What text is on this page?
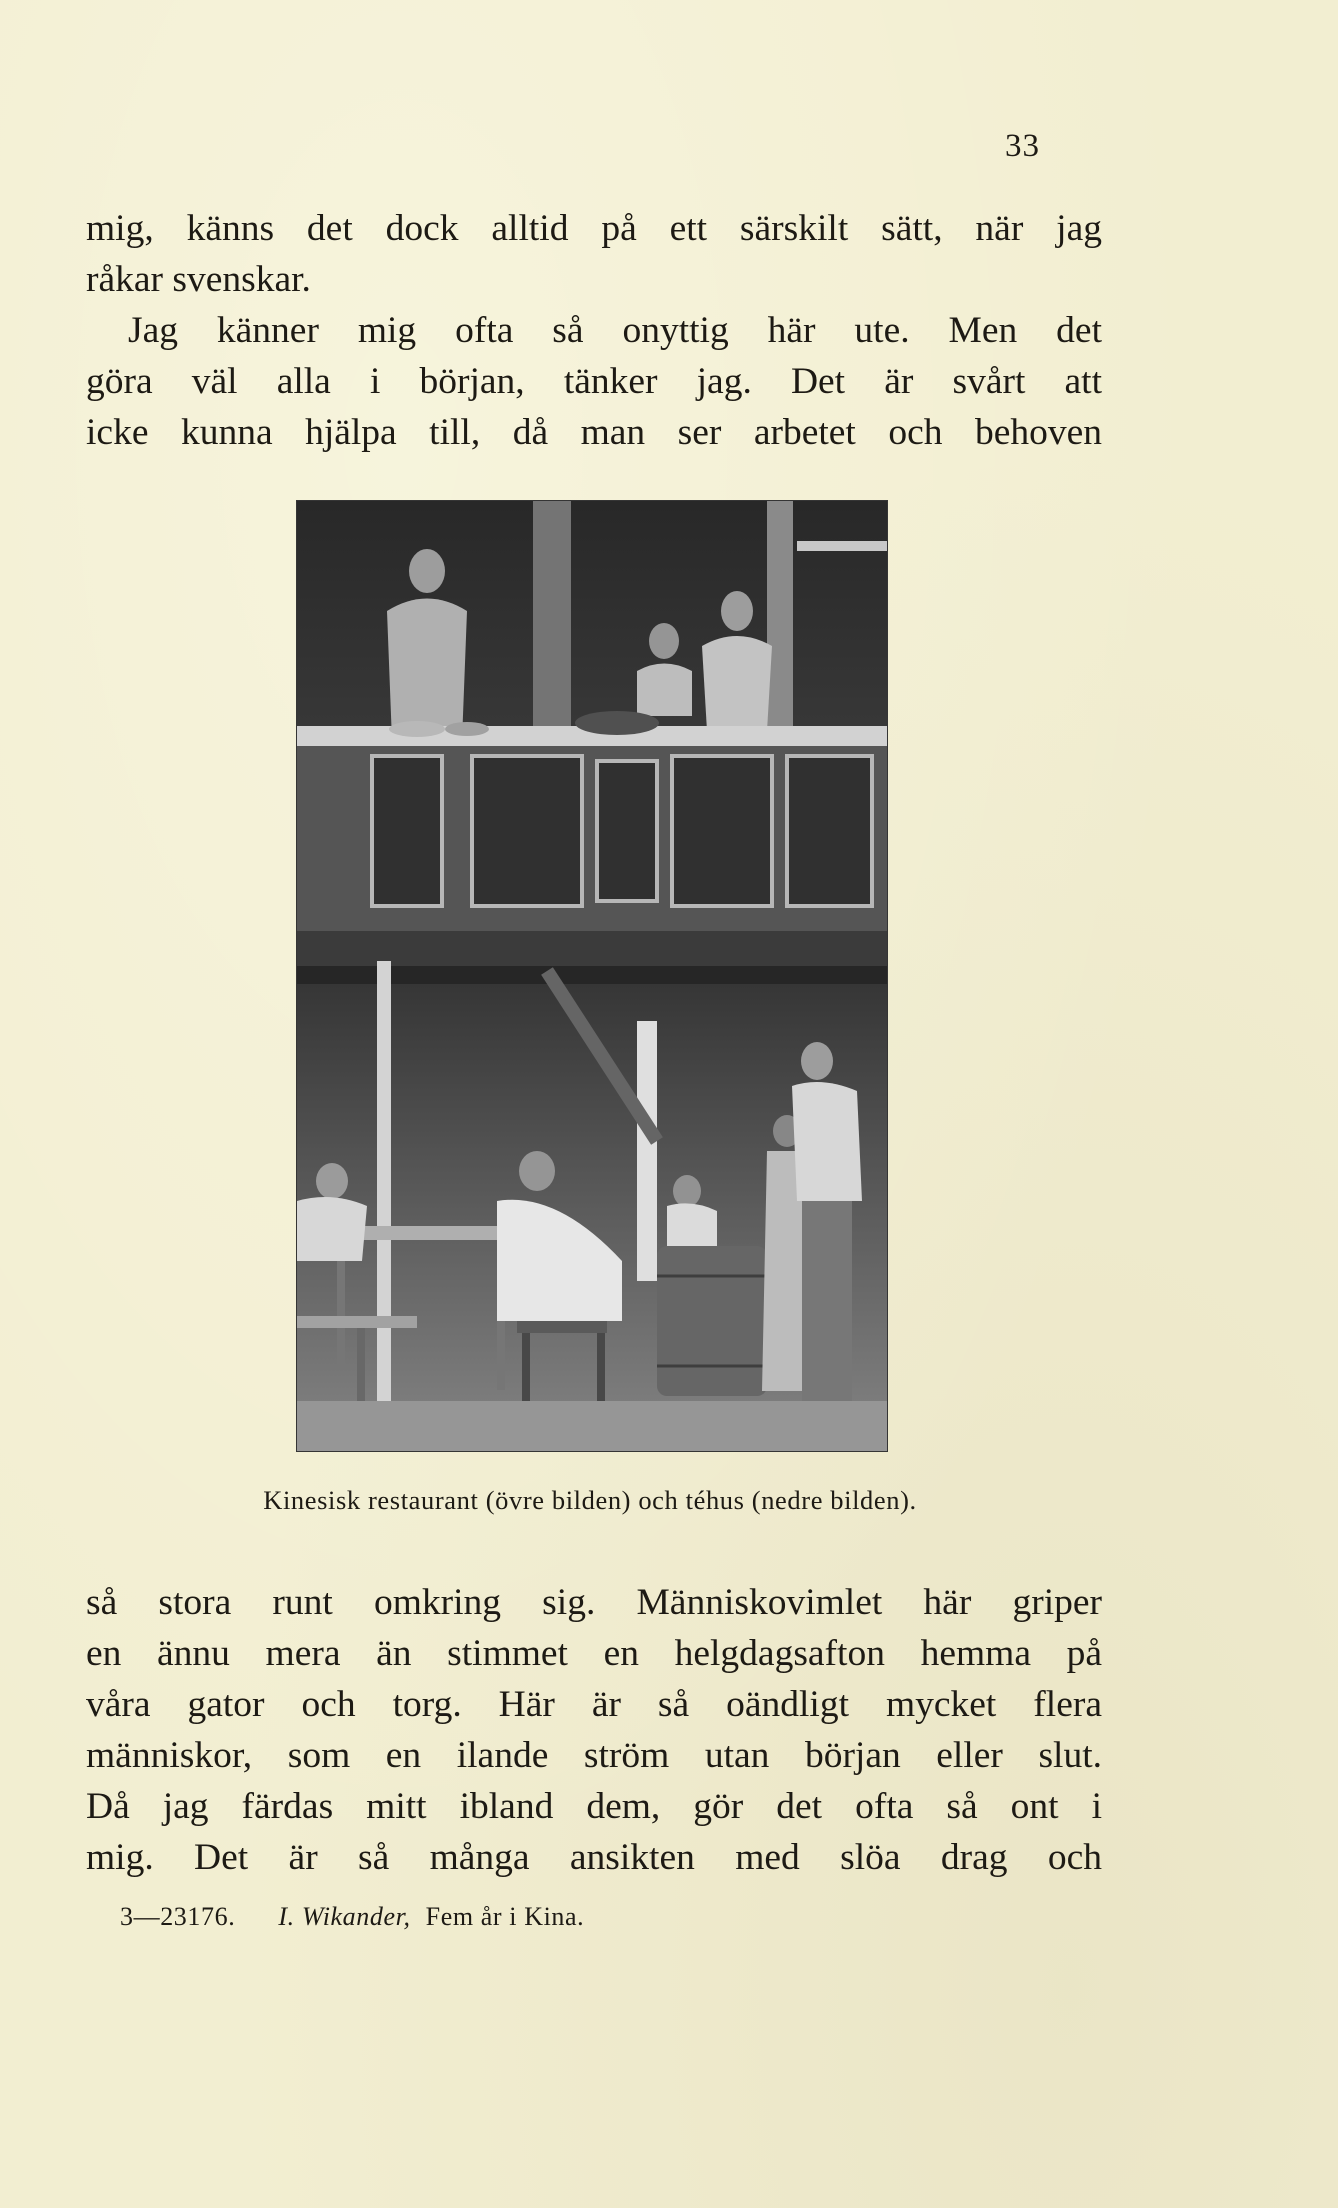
33
mig, känns det dock alltid på ett särskilt sätt, när jag
råkar svenskar.
Jag känner mig ofta så onyttig här ute. Men det
göra väl alla i början, tänker jag. Det är svårt att
icke kunna hjälpa till, då man ser arbetet och behoven
Kinesisk restaurant (övre bilden) och téhus (nedre bilden).
så stora runt omkring sig. Människovimlet här griper
en ännu mera än stimmet en helgdagsafton hemma på
våra gator och torg. Här är så oändligt mycket flera
människor, som en ilande ström utan början eller slut.
Då jag färdas mitt ibland dem, gör det ofta så ont i
mig. Det är så många ansikten med slöa drag och
3—23176. I. Wikander, Fem år i Kina.
